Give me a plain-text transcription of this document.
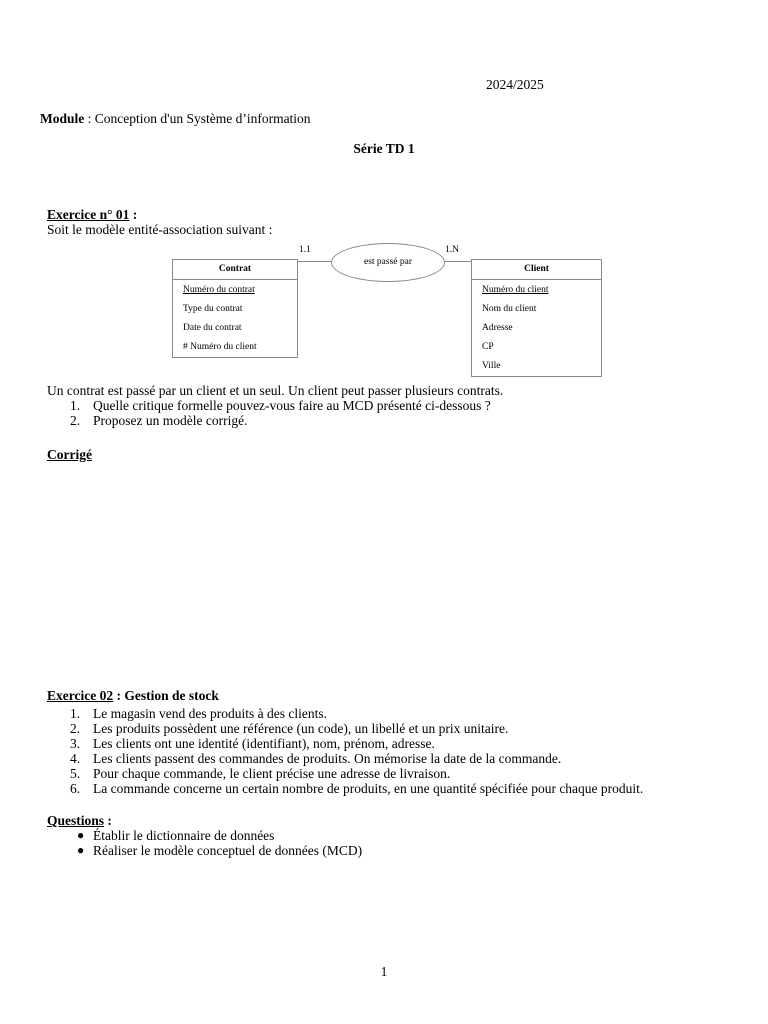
2024/2025

Module : Conception d'un Système d’information

Série TD 1

Exercice n° 01 :

Soit le modèle entité-association suivant :

1.1	1.N
Contrat
Numéro du contrat
Type du contrat
Date du contrat
# Numéro du client
est passé par
Client
Numéro du client
Nom du client
Adresse
CP
Ville

Un contrat est passé par un client et un seul. Un client peut passer plusieurs contrats.

1. Quelle critique formelle pouvez-vous faire au MCD présenté ci-dessous ?
2. Proposez un modèle corrigé.

Corrigé

Exercice 02 : Gestion de stock

1. Le magasin vend des produits à des clients.
2. Les produits possèdent une référence (un code), un libellé et un prix unitaire.
3. Les clients ont une identité (identifiant), nom, prénom, adresse.
4. Les clients passent des commandes de produits. On mémorise la date de la commande.
5. Pour chaque commande, le client précise une adresse de livraison.
6. La commande concerne un certain nombre de produits, en une quantité spécifiée pour chaque produit.

Questions :

● Établir le dictionnaire de données
● Réaliser le modèle conceptuel de données (MCD)

1
